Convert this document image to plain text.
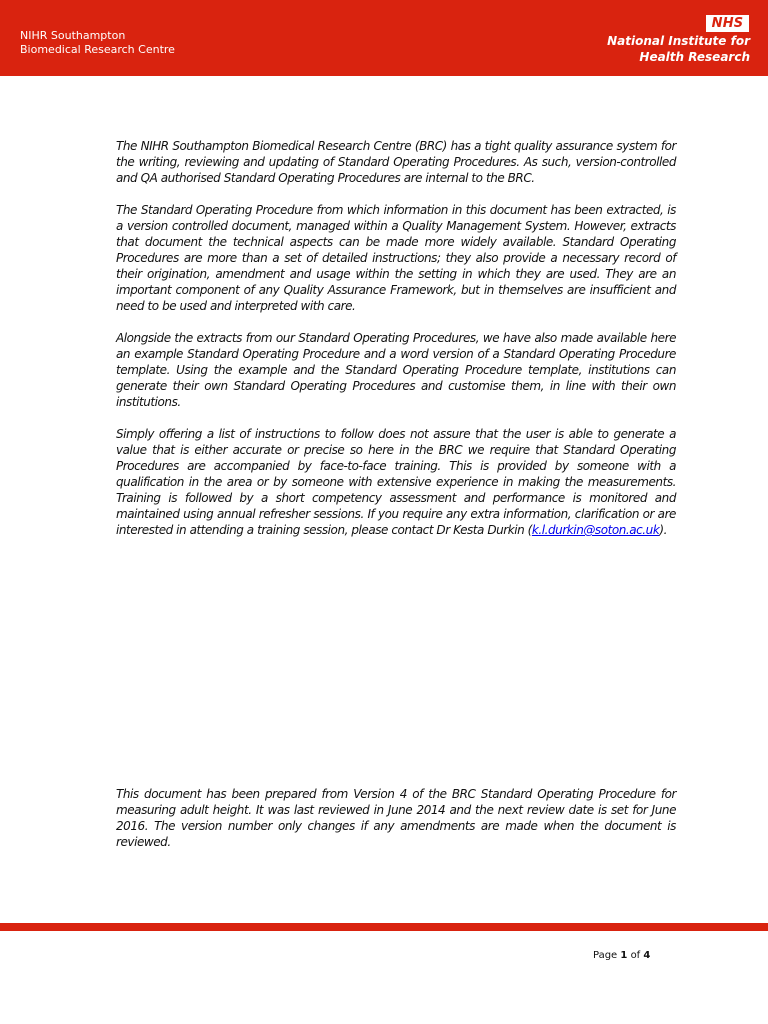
NIHR Southampton
Biomedical Research Centre
NHS
National Institute for
Health Research

The NIHR Southampton Biomedical Research Centre (BRC) has a tight quality assurance system for the writing, reviewing and updating of Standard Operating Procedures. As such, version-controlled and QA authorised Standard Operating Procedures are internal to the BRC.

The Standard Operating Procedure from which information in this document has been extracted, is a version controlled document, managed within a Quality Management System. However, extracts that document the technical aspects can be made more widely available. Standard Operating Procedures are more than a set of detailed instructions; they also provide a necessary record of their origination, amendment and usage within the setting in which they are used. They are an important component of any Quality Assurance Framework, but in themselves are insufficient and need to be used and interpreted with care.

Alongside the extracts from our Standard Operating Procedures, we have also made available here an example Standard Operating Procedure and a word version of a Standard Operating Procedure template. Using the example and the Standard Operating Procedure template, institutions can generate their own Standard Operating Procedures and customise them, in line with their own institutions.

Simply offering a list of instructions to follow does not assure that the user is able to generate a value that is either accurate or precise so here in the BRC we require that Standard Operating Procedures are accompanied by face-to-face training. This is provided by someone with a qualification in the area or by someone with extensive experience in making the measurements. Training is followed by a short competency assessment and performance is monitored and maintained using annual refresher sessions. If you require any extra information, clarification or are interested in attending a training session, please contact Dr Kesta Durkin (k.l.durkin@soton.ac.uk).

This document has been prepared from Version 4 of the BRC Standard Operating Procedure for measuring adult height. It was last reviewed in June 2014 and the next review date is set for June 2016. The version number only changes if any amendments are made when the document is reviewed.

Page 1 of 4
